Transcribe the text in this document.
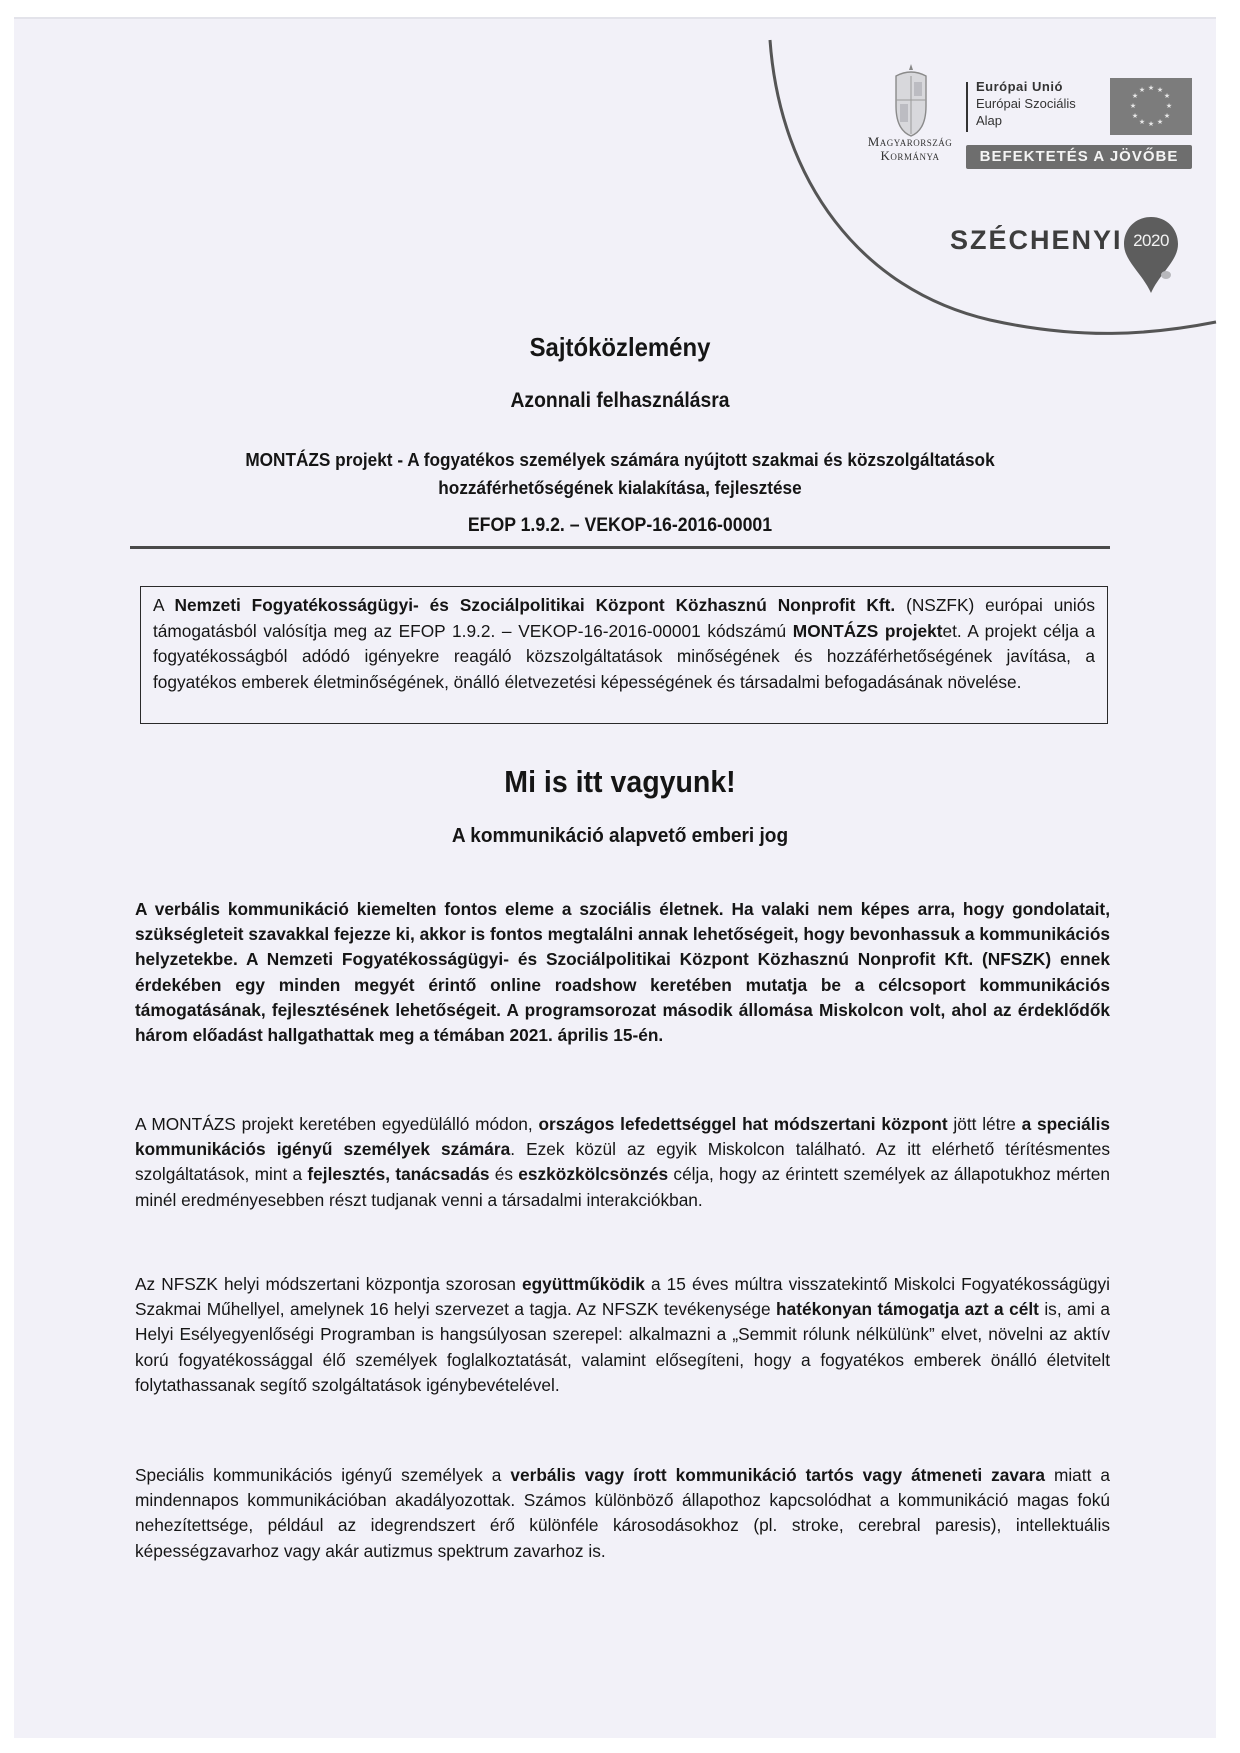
Magyarország
Kormánya
Európai Unió
Európai Szociális
Alap
★ ★
★
★
★
★
★
★
★
★
★
★
BEFEKTETÉS A JÖVŐBE
SZÉCHENYI 2020
Sajtóközlemény
Azonnali felhasználásra
MONTÁZS projekt - A fogyatékos személyek számára nyújtott szakmai és közszolgáltatások
hozzáférhetőségének kialakítása, fejlesztése
EFOP 1.9.2. – VEKOP-16-2016-00001
A Nemzeti Fogyatékosságügyi- és Szociálpolitikai Központ Közhasznú Nonprofit Kft. (NSZFK) európai uniós támogatásból valósítja meg az EFOP 1.9.2. – VEKOP-16-2016-00001 kódszámú MONTÁZS projektet. A projekt célja a fogyatékosságból adódó igényekre reagáló közszolgáltatások minőségének és hozzáférhetőségének javítása, a fogyatékos emberek életminőségének, önálló életvezetési képességének és társadalmi befogadásának növelése.
Mi is itt vagyunk!
A kommunikáció alapvető emberi jog
A verbális kommunikáció kiemelten fontos eleme a szociális életnek. Ha valaki nem képes arra, hogy gondolatait, szükségleteit szavakkal fejezze ki, akkor is fontos megtalálni annak lehetőségeit, hogy bevonhassuk a kommunikációs helyzetekbe. A Nemzeti Fogyatékosságügyi- és Szociálpolitikai Központ Közhasznú Nonprofit Kft. (NFSZK) ennek érdekében egy minden megyét érintő online roadshow keretében mutatja be a célcsoport kommunikációs támogatásának, fejlesztésének lehetőségeit. A programsorozat második állomása Miskolcon volt, ahol az érdeklődők három előadást hallgathattak meg a témában 2021. április 15-én.
A MONTÁZS projekt keretében egyedülálló módon, országos lefedettséggel hat módszertani központ jött létre a speciális kommunikációs igényű személyek számára. Ezek közül az egyik Miskolcon található. Az itt elérhető térítésmentes szolgáltatások, mint a fejlesztés, tanácsadás és eszközkölcsönzés célja, hogy az érintett személyek az állapotukhoz mérten minél eredményesebben részt tudjanak venni a társadalmi interakciókban.
Az NFSZK helyi módszertani központja szorosan együttműködik a 15 éves múltra visszatekintő Miskolci Fogyatékosságügyi Szakmai Műhellyel, amelynek 16 helyi szervezet a tagja. Az NFSZK tevékenysége hatékonyan támogatja azt a célt is, ami a Helyi Esélyegyenlőségi Programban is hangsúlyosan szerepel: alkalmazni a „Semmit rólunk nélkülünk” elvet, növelni az aktív korú fogyatékossággal élő személyek foglalkoztatását, valamint elősegíteni, hogy a fogyatékos emberek önálló életvitelt folytathassanak segítő szolgáltatások igénybevételével.
Speciális kommunikációs igényű személyek a verbális vagy írott kommunikáció tartós vagy átmeneti zavara miatt a mindennapos kommunikációban akadályozottak. Számos különböző állapothoz kapcsolódhat a kommunikáció magas fokú nehezítettsége, például az idegrendszert érő különféle károsodásokhoz (pl. stroke, cerebral paresis), intellektuális képességzavarhoz vagy akár autizmus spektrum zavarhoz is.
